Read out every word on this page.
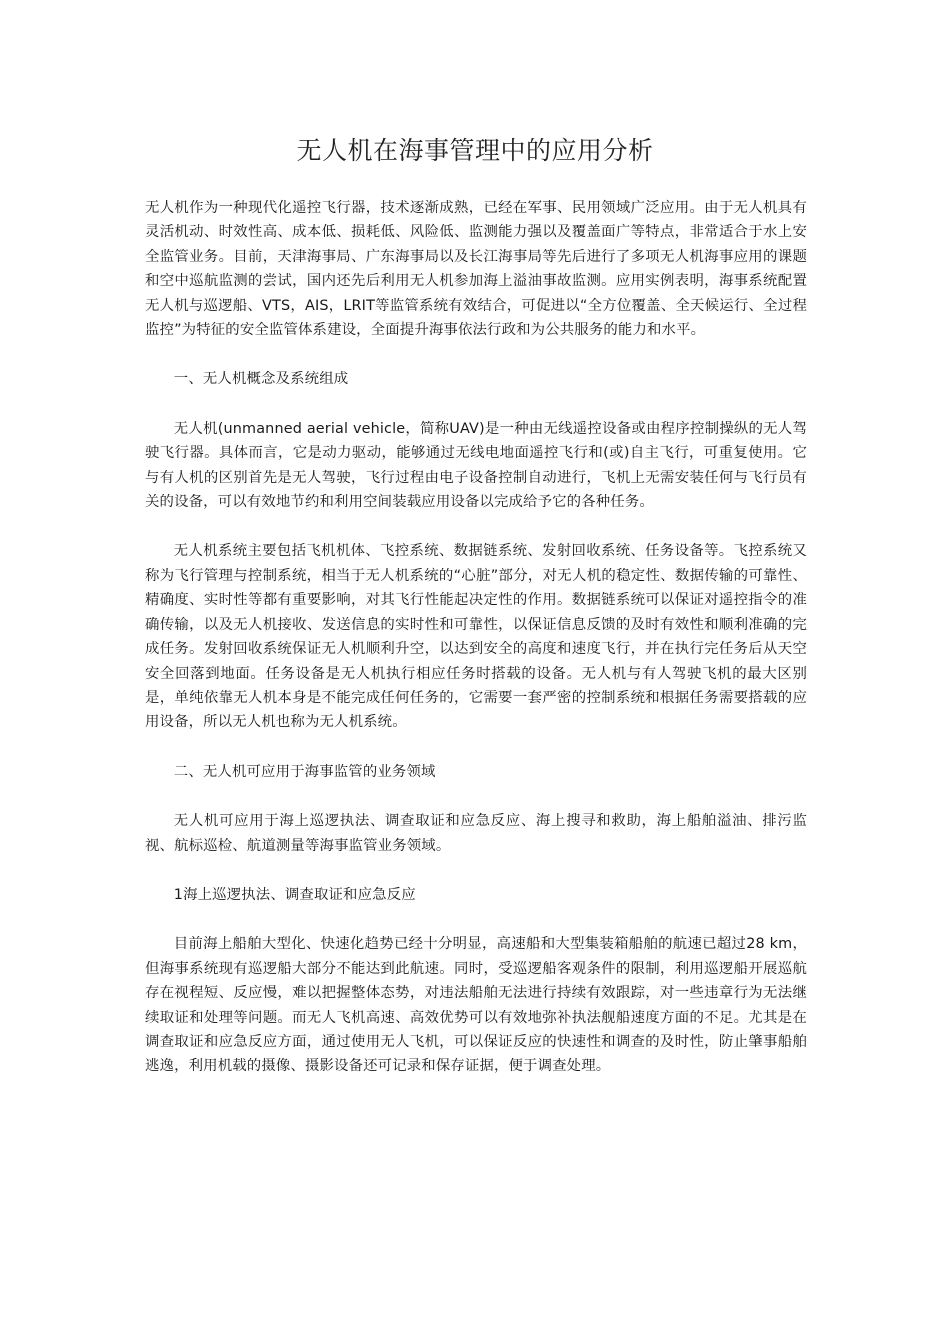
无人机在海事管理中的应用分析

无人机作为一种现代化遥控飞行器，技术逐渐成熟，已经在军事、民用领域广泛应用。由于无人机具有灵活机动、时效性高、成本低、损耗低、风险低、监测能力强以及覆盖面广等特点，非常适合于水上安全监管业务。目前，天津海事局、广东海事局以及长江海事局等先后进行了多项无人机海事应用的课题和空中巡航监测的尝试，国内还先后利用无人机参加海上溢油事故监测。应用实例表明，海事系统配置无人机与巡逻船、VTS，AIS，LRIT等监管系统有效结合，可促进以“全方位覆盖、全天候运行、全过程监控”为特征的安全监管体系建设，全面提升海事依法行政和为公共服务的能力和水平。

一、无人机概念及系统组成

无人机(unmanned aerial vehicle，简称UAV)是一种由无线遥控设备或由程序控制操纵的无人驾驶飞行器。具体而言，它是动力驱动，能够通过无线电地面遥控飞行和(或)自主飞行，可重复使用。它与有人机的区别首先是无人驾驶，飞行过程由电子设备控制自动进行，飞机上无需安装任何与飞行员有关的设备，可以有效地节约和利用空间装载应用设备以完成给予它的各种任务。

无人机系统主要包括飞机机体、飞控系统、数据链系统、发射回收系统、任务设备等。飞控系统又称为飞行管理与控制系统，相当于无人机系统的“心脏”部分，对无人机的稳定性、数据传输的可靠性、精确度、实时性等都有重要影响，对其飞行性能起决定性的作用。数据链系统可以保证对遥控指令的准确传输，以及无人机接收、发送信息的实时性和可靠性，以保证信息反馈的及时有效性和顺利准确的完成任务。发射回收系统保证无人机顺利升空，以达到安全的高度和速度飞行，并在执行完任务后从天空安全回落到地面。任务设备是无人机执行相应任务时搭载的设备。无人机与有人驾驶飞机的最大区别是，单纯依靠无人机本身是不能完成任何任务的，它需要一套严密的控制系统和根据任务需要搭载的应用设备，所以无人机也称为无人机系统。

二、无人机可应用于海事监管的业务领域

无人机可应用于海上巡逻执法、调查取证和应急反应、海上搜寻和救助，海上船舶溢油、排污监视、航标巡检、航道测量等海事监管业务领域。

1海上巡逻执法、调查取证和应急反应

目前海上船舶大型化、快速化趋势已经十分明显，高速船和大型集装箱船舶的航速已超过28 km，但海事系统现有巡逻船大部分不能达到此航速。同时，受巡逻船客观条件的限制，利用巡逻船开展巡航存在视程短、反应慢，难以把握整体态势，对违法船舶无法进行持续有效跟踪，对一些违章行为无法继续取证和处理等问题。而无人飞机高速、高效优势可以有效地弥补执法舰船速度方面的不足。尤其是在调查取证和应急反应方面，通过使用无人飞机，可以保证反应的快速性和调查的及时性，防止肇事船舶逃逸，利用机载的摄像、摄影设备还可记录和保存证据，便于调查处理。
